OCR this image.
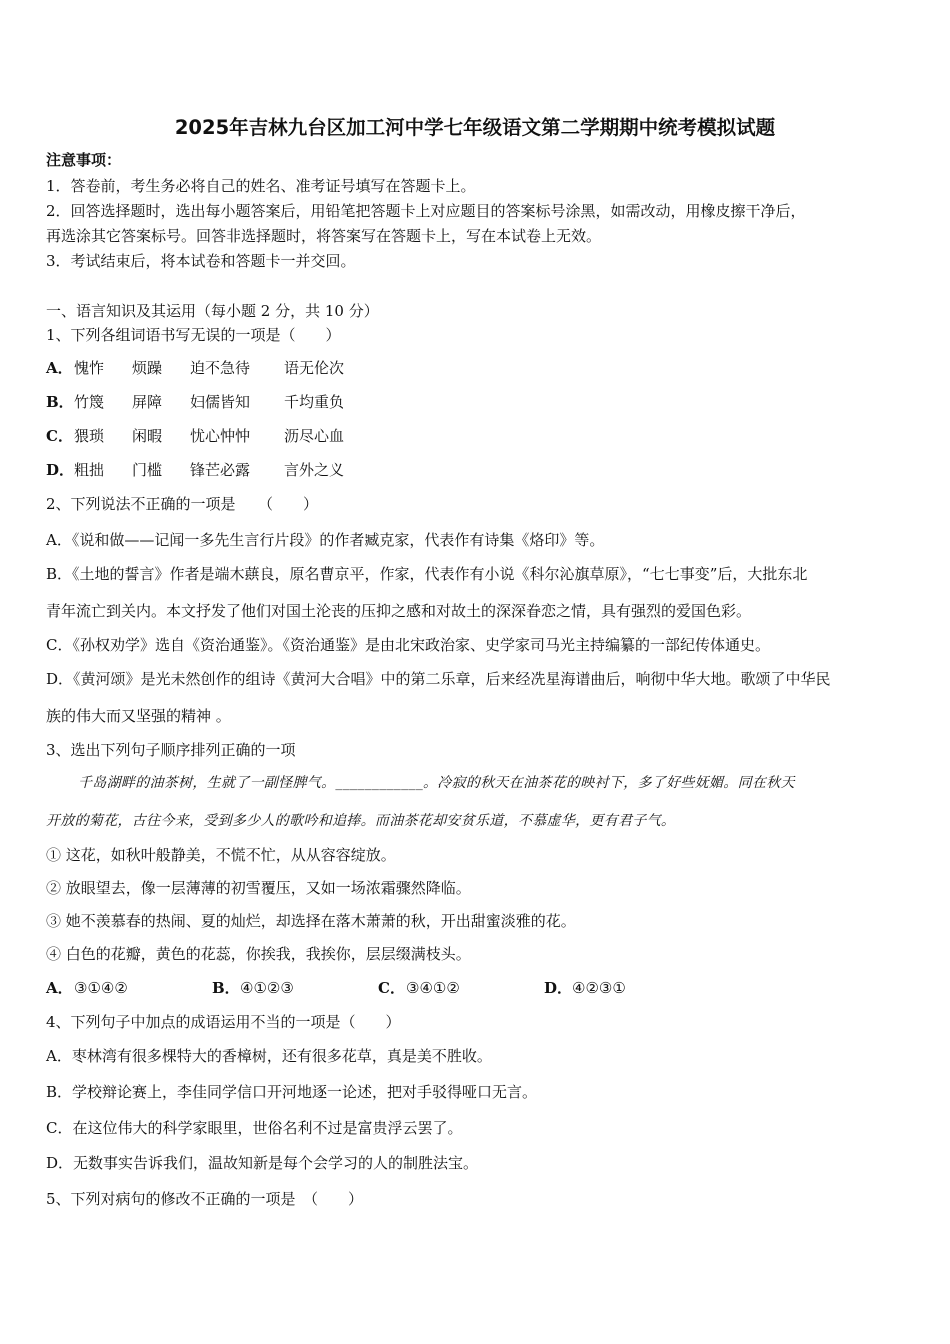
2025年吉林九台区加工河中学七年级语文第二学期期中统考模拟试题
注意事项：
1．答卷前，考生务必将自己的姓名、准考证号填写在答题卡上。
2．回答选择题时，选出每小题答案后，用铅笔把答题卡上对应题目的答案标号涂黑，如需改动，用橡皮擦干净后，
再选涂其它答案标号。回答非选择题时，将答案写在答题卡上，写在本试卷上无效。
3．考试结束后，将本试卷和答题卡一并交回。
一、语言知识及其运用（每小题 2 分，共 10 分）
1、下列各组词语书写无误的一项是（　　）
A．愧怍 烦躁 迫不急待 语无伦次
B．竹篾 屏障 妇儒皆知 千均重负
C．猥琐 闲暇 忧心忡忡 沥尽心血
D．粗拙 门槛 锋芒必露 言外之义
2、下列说法不正确的一项是　　（　　）
A．《说和做——记闻一多先生言行片段》的作者臧克家，代表作有诗集《烙印》等。
B．《土地的誓言》作者是端木蕻良，原名曹京平，作家，代表作有小说《科尔沁旗草原》，“七七事变”后，大批东北
青年流亡到关内。本文抒发了他们对国土沦丧的压抑之感和对故土的深深眷恋之情，具有强烈的爱国色彩。
C．《孙权劝学》选自《资治通鉴》。《资治通鉴》是由北宋政治家、史学家司马光主持编纂的一部纪传体通史。
D．《黄河颂》是光未然创作的组诗《黄河大合唱》中的第二乐章，后来经冼星海谱曲后，响彻中华大地。歌颂了中华民
族的伟大而又坚强的精神 。
3、选出下列句子顺序排列正确的一项
千岛湖畔的油茶树，生就了一副怪脾气。____________。冷寂的秋天在油茶花的映衬下，多了好些妩媚。同在秋天
开放的菊花，古往今来，受到多少人的歌吟和追捧。而油茶花却安贫乐道，不慕虚华，更有君子气。
① 这花，如秋叶般静美，不慌不忙，从从容容绽放。
② 放眼望去，像一层薄薄的初雪覆压，又如一场浓霜骤然降临。
③ 她不羡慕春的热闹、夏的灿烂，却选择在落木萧萧的秋，开出甜蜜淡雅的花。
④ 白色的花瓣，黄色的花蕊，你挨我，我挨你，层层缀满枝头。
A．③①④②	B．④①②③	C．③④①②	D．④②③①
4、下列句子中加点的成语运用不当的一项是（　　）
A．枣林湾有很多棵特大的香樟树，还有很多花草，真是美不胜收。
B．学校辩论赛上，李佳同学信口开河地逐一论述，把对手驳得哑口无言。
C．在这位伟大的科学家眼里，世俗名利不过是富贵浮云罢了。
D．无数事实告诉我们，温故知新是每个会学习的人的制胜法宝。
5、下列对病句的修改不正确的一项是　（　　）
